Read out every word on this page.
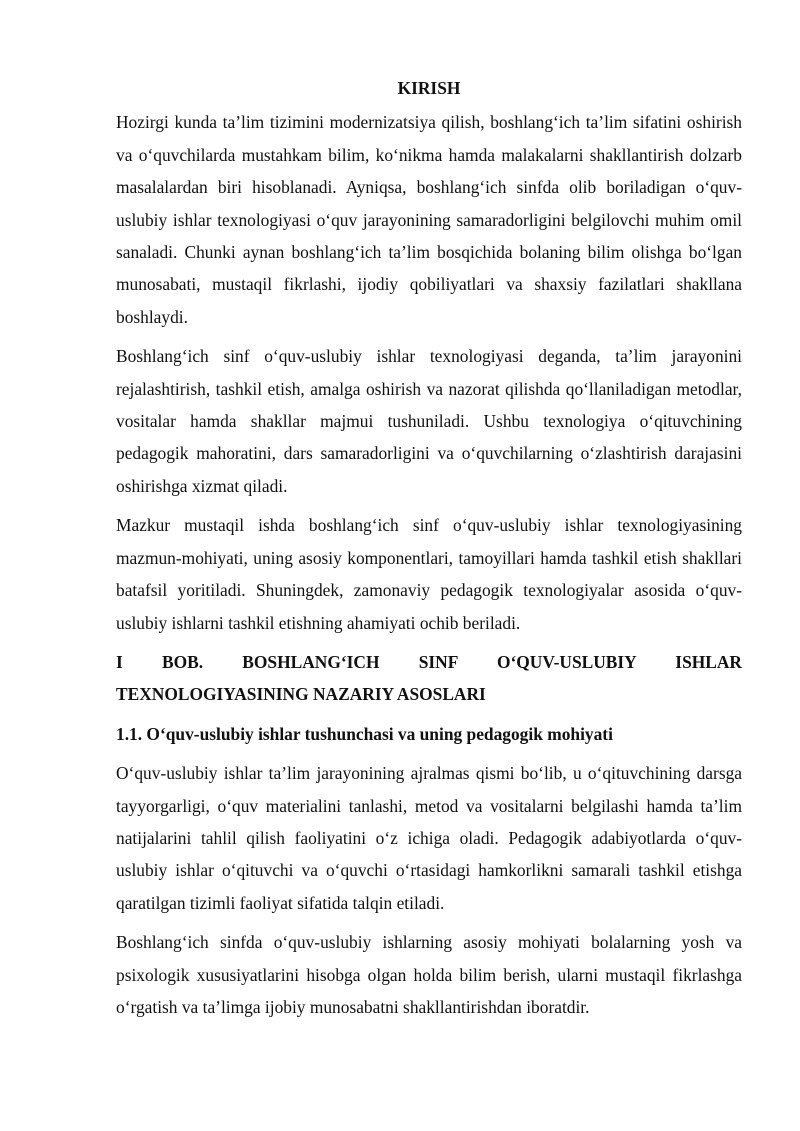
KIRISH

Hozirgi kunda ta’lim tizimini modernizatsiya qilish, boshlang‘ich ta’lim sifatini oshirish va o‘quvchilarda mustahkam bilim, ko‘nikma hamda malakalarni shakllantirish dolzarb masalalardan biri hisoblanadi. Ayniqsa, boshlang‘ich sinfda olib boriladigan o‘quv-uslubiy ishlar texnologiyasi o‘quv jarayonining samaradorligini belgilovchi muhim omil sanaladi. Chunki aynan boshlang‘ich ta’lim bosqichida bolaning bilim olishga bo‘lgan munosabati, mustaqil fikrlashi, ijodiy qobiliyatlari va shaxsiy fazilatlari shakllana boshlaydi.

Boshlang‘ich sinf o‘quv-uslubiy ishlar texnologiyasi deganda, ta’lim jarayonini rejalashtirish, tashkil etish, amalga oshirish va nazorat qilishda qo‘llaniladigan metodlar, vositalar hamda shakllar majmui tushuniladi. Ushbu texnologiya o‘qituvchining pedagogik mahoratini, dars samaradorligini va o‘quvchilarning o‘zlashtirish darajasini oshirishga xizmat qiladi.

Mazkur mustaqil ishda boshlang‘ich sinf o‘quv-uslubiy ishlar texnologiyasining mazmun-mohiyati, uning asosiy komponentlari, tamoyillari hamda tashkil etish shakllari batafsil yoritiladi. Shuningdek, zamonaviy pedagogik texnologiyalar asosida o‘quv-uslubiy ishlarni tashkil etishning ahamiyati ochib beriladi.

I BOB. BOSHLANG‘ICH SINF O‘QUV-USLUBIY ISHLAR TEXNOLOGIYASINING NAZARIY ASOSLARI
1.1. O‘quv-uslubiy ishlar tushunchasi va uning pedagogik mohiyati

O‘quv-uslubiy ishlar ta’lim jarayonining ajralmas qismi bo‘lib, u o‘qituvchining darsga tayyorgarligi, o‘quv materialini tanlashi, metod va vositalarni belgilashi hamda ta’lim natijalarini tahlil qilish faoliyatini o‘z ichiga oladi. Pedagogik adabiyotlarda o‘quv-uslubiy ishlar o‘qituvchi va o‘quvchi o‘rtasidagi hamkorlikni samarali tashkil etishga qaratilgan tizimli faoliyat sifatida talqin etiladi.

Boshlang‘ich sinfda o‘quv-uslubiy ishlarning asosiy mohiyati bolalarning yosh va psixologik xususiyatlarini hisobga olgan holda bilim berish, ularni mustaqil fikrlashga o‘rgatish va ta’limga ijobiy munosabatni shakllantirishdan iboratdir.
